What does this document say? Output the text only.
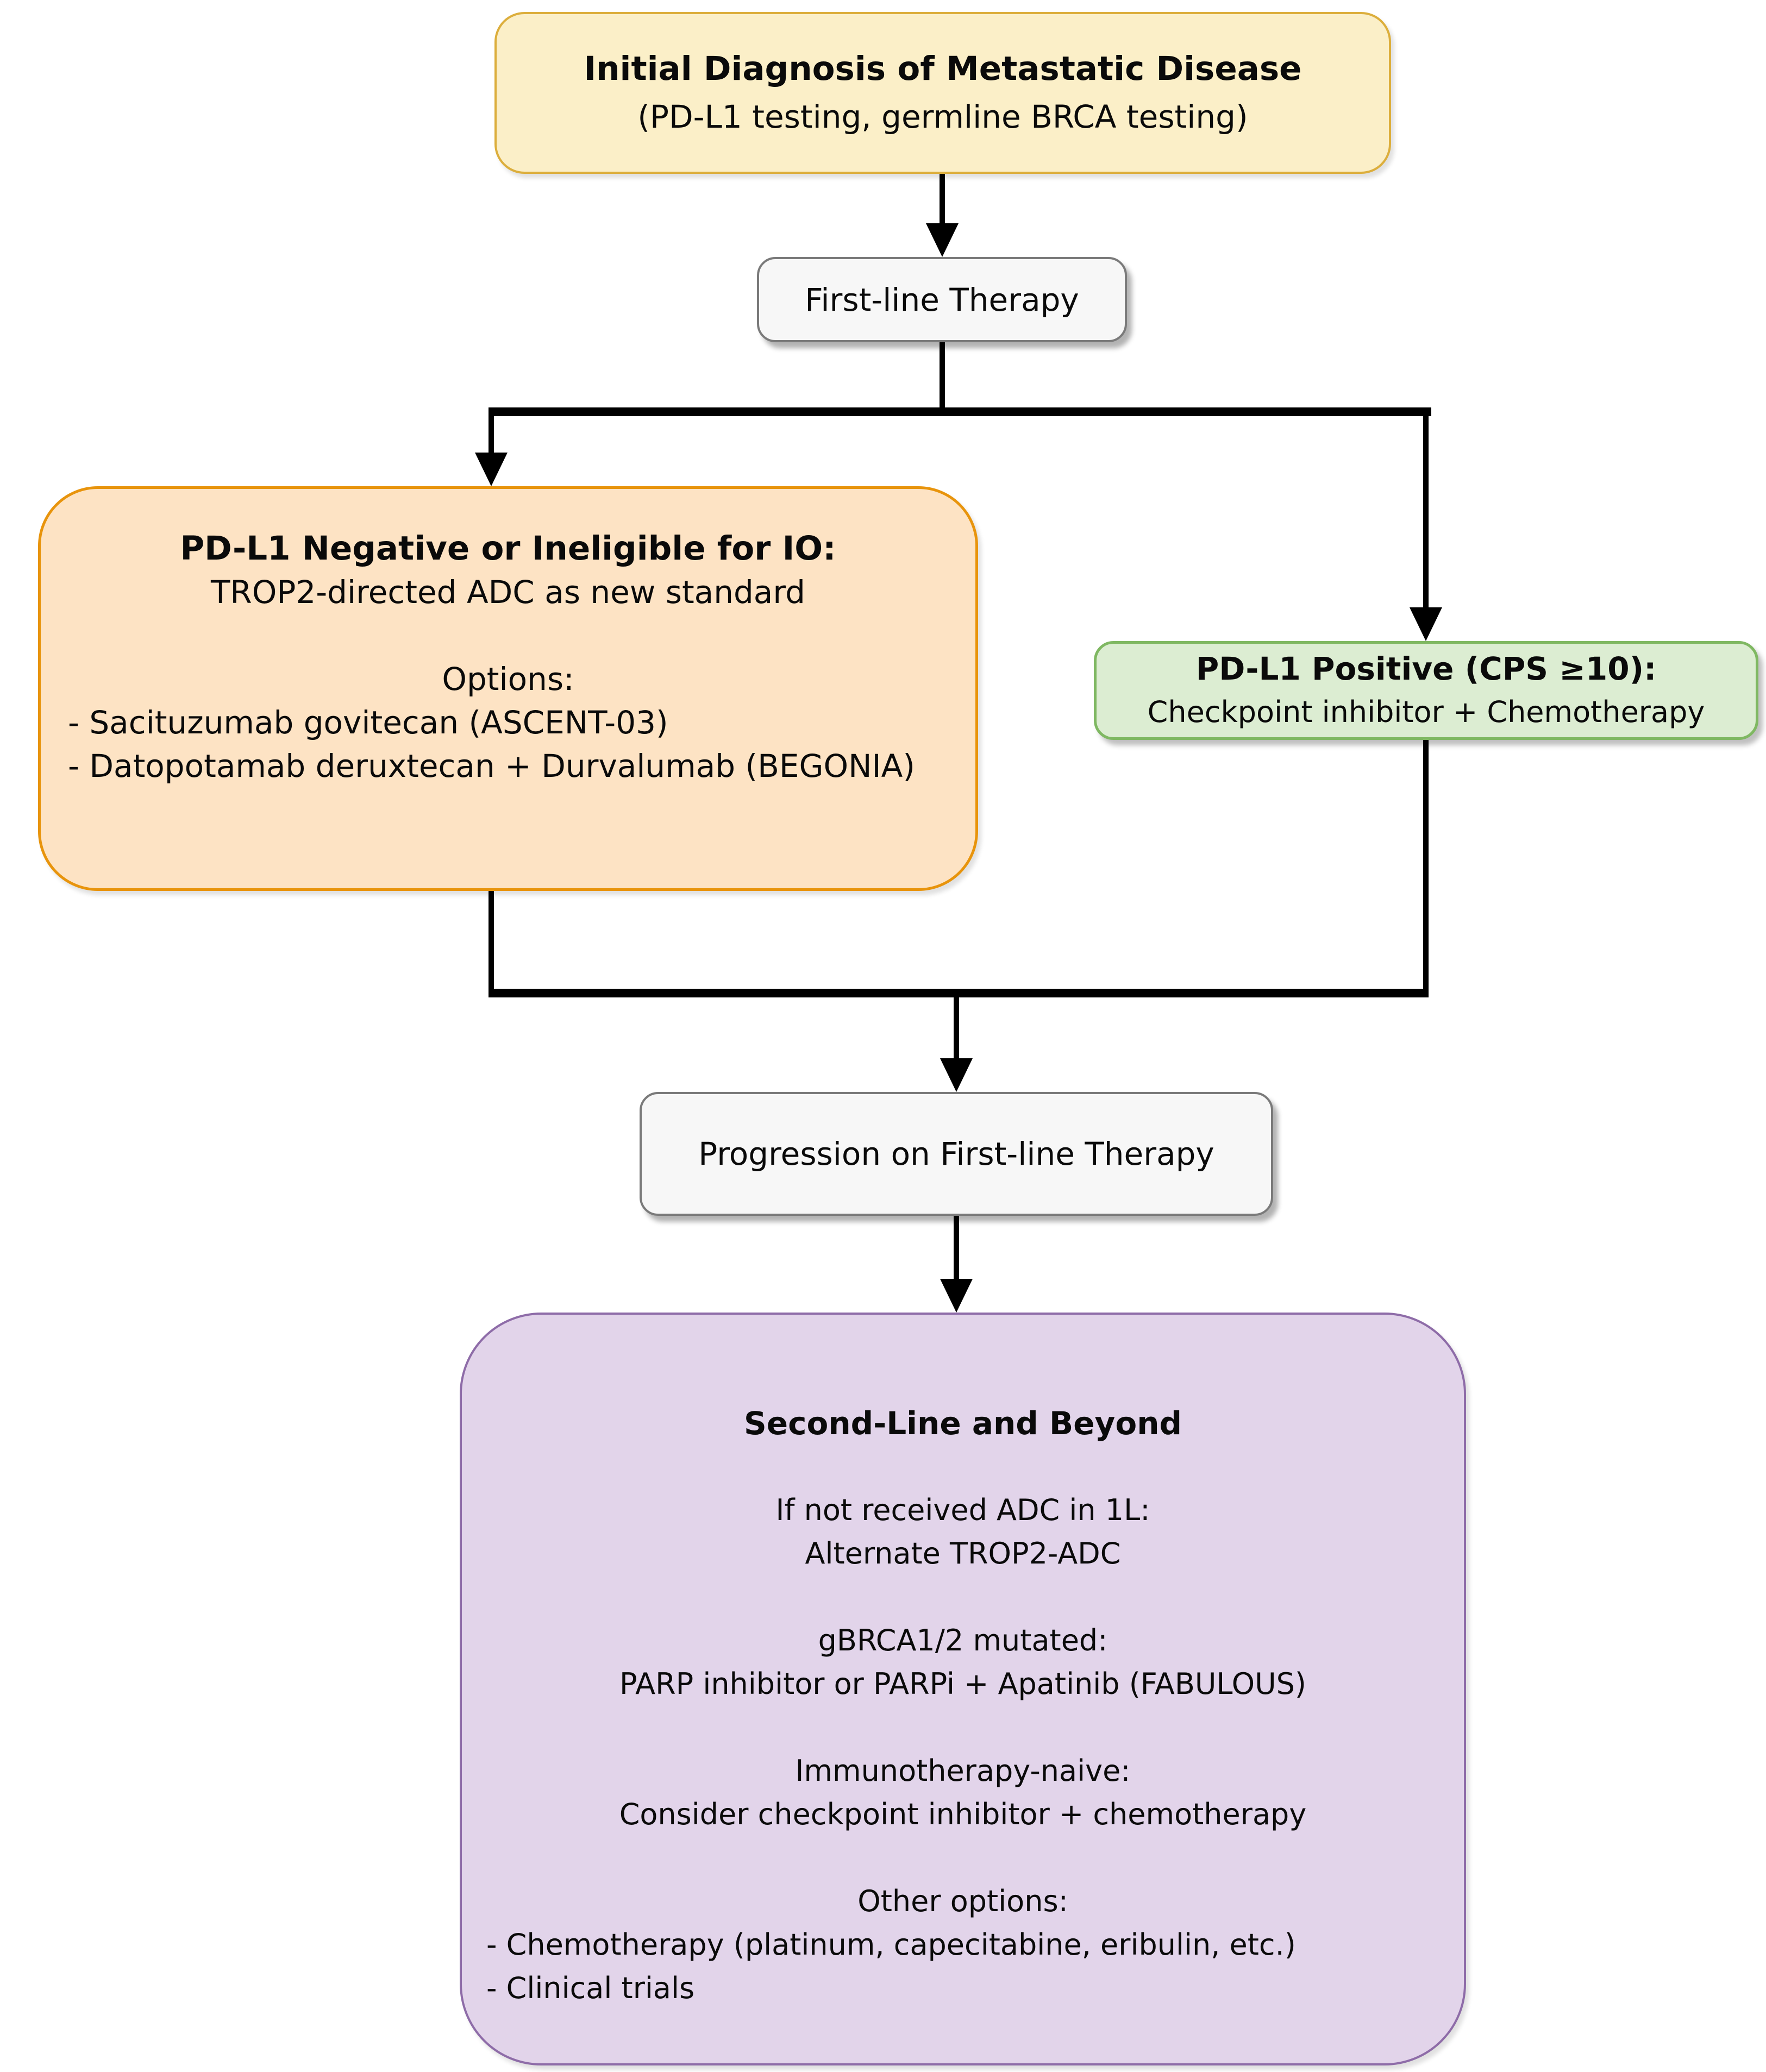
Initial Diagnosis of Metastatic Disease
(PD-L1 testing, germline BRCA testing)
First-line Therapy
PD-L1 Negative or Ineligible for IO:
TROP2-directed ADC as new standard
Options:
- Sacituzumab govitecan (ASCENT-03)
- Datopotamab deruxtecan + Durvalumab (BEGONIA)
PD-L1 Positive (CPS ≥10):
Checkpoint inhibitor + Chemotherapy
Progression on First-line Therapy
Second-Line and Beyond
If not received ADC in 1L:
Alternate TROP2-ADC
gBRCA1/2 mutated:
PARP inhibitor or PARPi + Apatinib (FABULOUS)
Immunotherapy-naive:
Consider checkpoint inhibitor + chemotherapy
Other options:
- Chemotherapy (platinum, capecitabine, eribulin, etc.)
- Clinical trials
